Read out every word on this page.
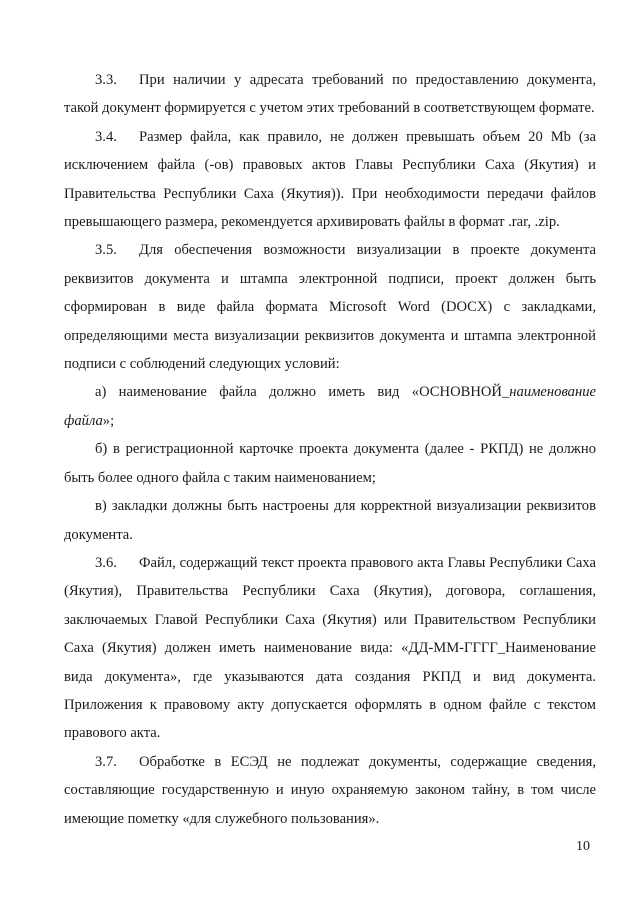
3.3. При наличии у адресата требований по предоставлению документа, такой документ формируется с учетом этих требований в соответствующем формате.

3.4. Размер файла, как правило, не должен превышать объем 20 Mb (за исключением файла (-ов) правовых актов Главы Республики Саха (Якутия) и Правительства Республики Саха (Якутия)). При необходимости передачи файлов превышающего размера, рекомендуется архивировать файлы в формат .rar, .zip.

3.5. Для обеспечения возможности визуализации в проекте документа реквизитов документа и штампа электронной подписи, проект должен быть сформирован в виде файла формата Microsoft Word (DOCX) с закладками, определяющими места визуализации реквизитов документа и штампа электронной подписи с соблюдений следующих условий:

а) наименование файла должно иметь вид «ОСНОВНОЙ_наименование файла»;

б) в регистрационной карточке проекта документа (далее - РКПД) не должно быть более одного файла с таким наименованием;

в) закладки должны быть настроены для корректной визуализации реквизитов документа.

3.6. Файл, содержащий текст проекта правового акта Главы Республики Саха (Якутия), Правительства Республики Саха (Якутия), договора, соглашения, заключаемых Главой Республики Саха (Якутия) или Правительством Республики Саха (Якутия) должен иметь наименование вида: «ДД-ММ-ГГГГ_Наименование вида документа», где указываются дата создания РКПД и вид документа. Приложения к правовому акту допускается оформлять в одном файле с текстом правового акта.

3.7. Обработке в ЕСЭД не подлежат документы, содержащие сведения, составляющие государственную и иную охраняемую законом тайну, в том числе имеющие пометку «для служебного пользования».

10
